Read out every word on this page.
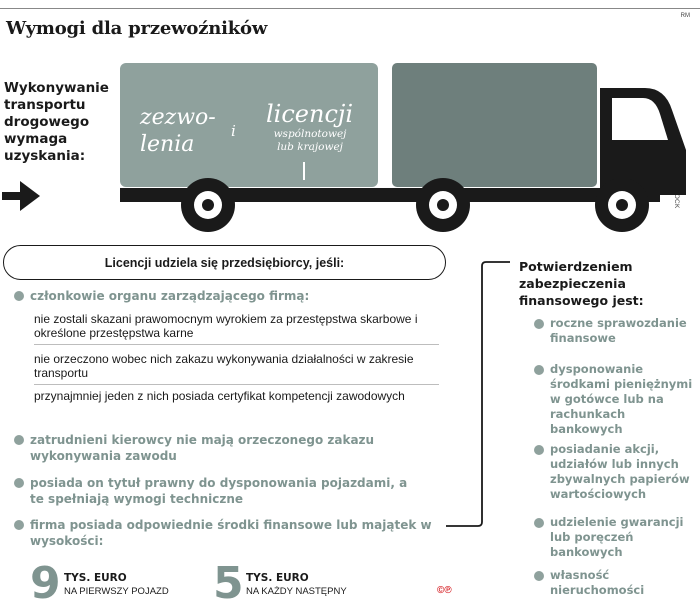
Wymogi dla przewoźników
RM
Wykonywanie transportu drogowego wymaga uzyskania:
zezwo-
lenia
i
licencji
wspólnotowej
lub krajowej
Licencji udziela się przedsiębiorcy, jeśli:
członkowie organu zarządzającego firmą:
nie zostali skazani prawomocnym wyrokiem za przestępstwa skarbowe i określone przestępstwa karne
nie orzeczono wobec nich zakazu wykonywania działalności w zakresie transportu
przynajmniej jeden z nich posiada certyfikat kompetencji zawodowych
zatrudnieni kierowcy nie mają orzeczonego zakazu wykonywania zawodu
posiada on tytuł prawny do dysponowania pojazdami, a te spełniają wymogi techniczne
firma posiada odpowiednie środki finansowe lub majątek w wysokości:
9 TYS. EURO
NA PIERWSZY POJAZD 5 TYS. EURO
NA KAŻDY NASTĘPNY	©℗
Potwierdzeniem zabezpieczenia finansowego jest:
roczne sprawozdanie finansowe
dysponowanie środkami pieniężnymi w gotówce lub na rachunkach bankowych
posiadanie akcji, udziałów lub innych zbywalnych papierów wartościowych
udzielenie gwarancji lub poręczeń bankowych
własność nieruchomości
